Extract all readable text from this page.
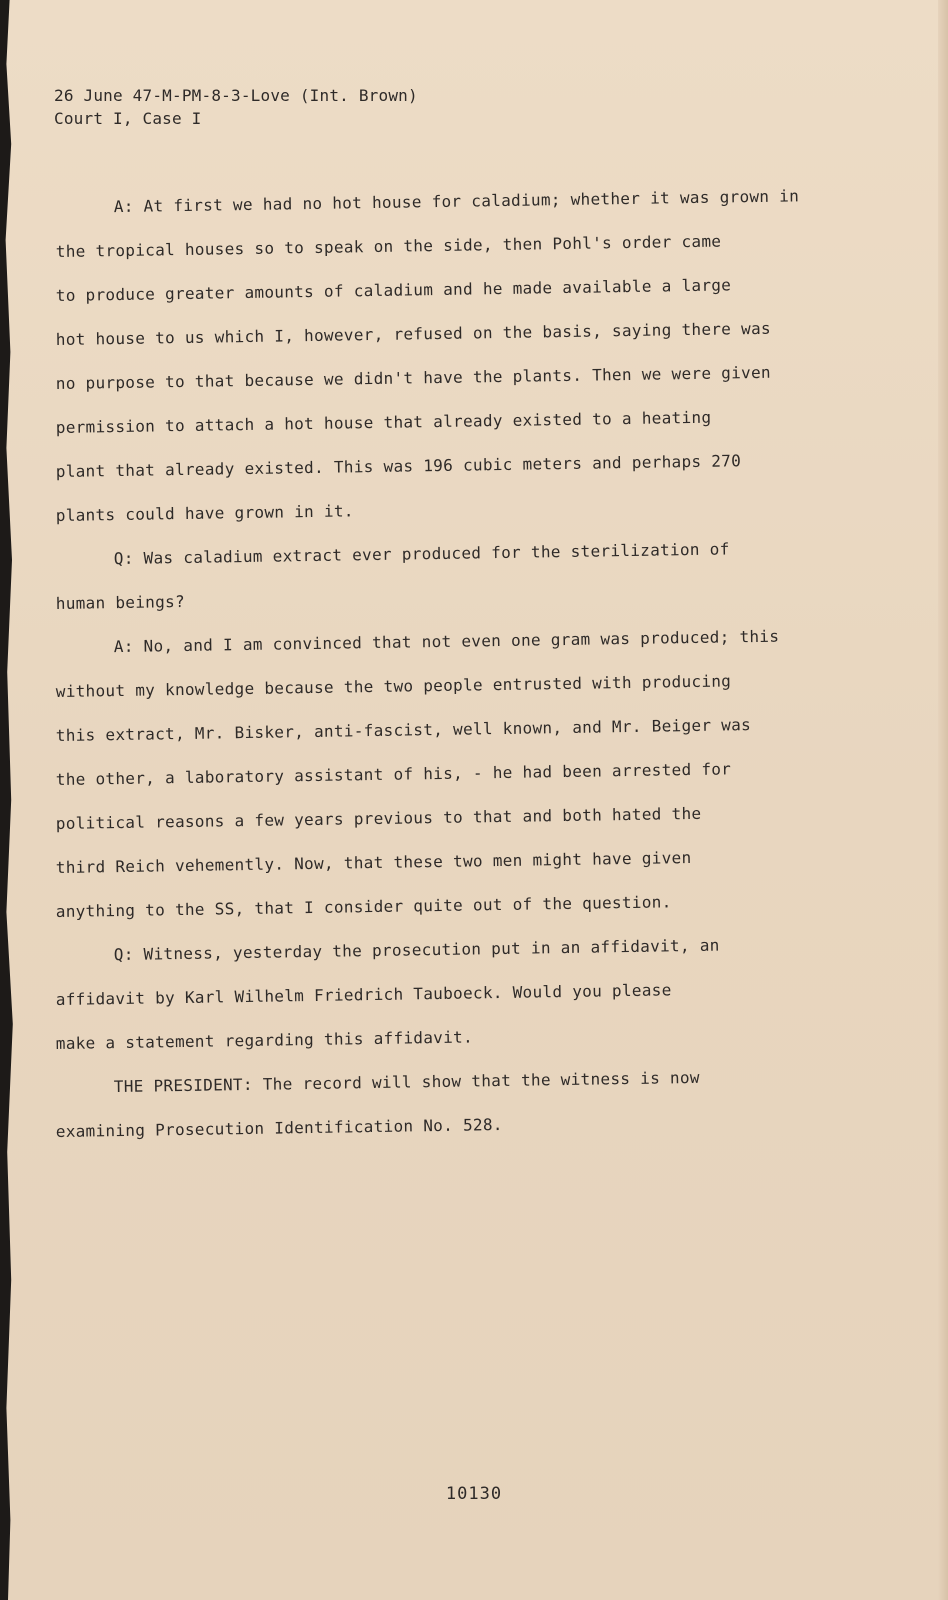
26 June 47-M-PM-8-3-Love (Int. Brown)
Court I, Case I
A: At first we had no hot house for caladium; whether it was grown in
the tropical houses so to speak on the side, then Pohl's order came
to produce greater amounts of caladium and he made available a large
hot house to us which I, however, refused on the basis, saying there was
no purpose to that because we didn't have the plants. Then we were given
permission to attach a hot house that already existed to a heating
plant that already existed. This was 196 cubic meters and perhaps 270
plants could have grown in it.
Q: Was caladium extract ever produced for the sterilization of
human beings?
A: No, and I am convinced that not even one gram was produced; this
without my knowledge because the two people entrusted with producing
this extract, Mr. Bisker, anti-fascist, well known, and Mr. Beiger was
the other, a laboratory assistant of his, - he had been arrested for
political reasons a few years previous to that and both hated the
third Reich vehemently. Now, that these two men might have given
anything to the SS, that I consider quite out of the question.
Q: Witness, yesterday the prosecution put in an affidavit, an
affidavit by Karl Wilhelm Friedrich Tauboeck. Would you please
make a statement regarding this affidavit.
THE PRESIDENT: The record will show that the witness is now
examining Prosecution Identification No. 528.
10130
